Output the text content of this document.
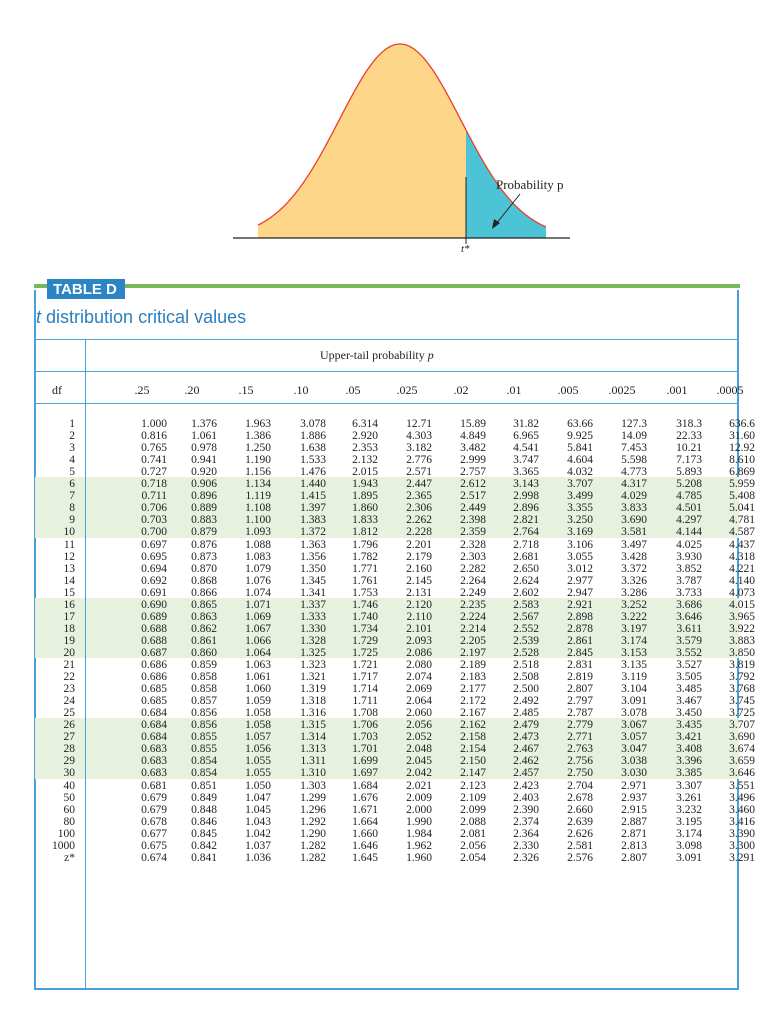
Probability p
t*
TABLE D
t distribution critical values
Upper-tail probability p
df	.25	.20	.15	.10	.05	.025	.02	.01	.005	.0025	.001	.0005
1	1.000	1.376	1.963	3.078	6.314	12.71	15.89	31.82	63.66	127.3	318.3	636.6
2	0.816	1.061	1.386	1.886	2.920	4.303	4.849	6.965	9.925	14.09	22.33	31.60
3	0.765	0.978	1.250	1.638	2.353	3.182	3.482	4.541	5.841	7.453	10.21	12.92
4	0.741	0.941	1.190	1.533	2.132	2.776	2.999	3.747	4.604	5.598	7.173	8.610
5	0.727	0.920	1.156	1.476	2.015	2.571	2.757	3.365	4.032	4.773	5.893	6.869
6	0.718	0.906	1.134	1.440	1.943	2.447	2.612	3.143	3.707	4.317	5.208	5.959
7	0.711	0.896	1.119	1.415	1.895	2.365	2.517	2.998	3.499	4.029	4.785	5.408
8	0.706	0.889	1.108	1.397	1.860	2.306	2.449	2.896	3.355	3.833	4.501	5.041
9	0.703	0.883	1.100	1.383	1.833	2.262	2.398	2.821	3.250	3.690	4.297	4.781
10	0.700	0.879	1.093	1.372	1.812	2.228	2.359	2.764	3.169	3.581	4.144	4.587
11	0.697	0.876	1.088	1.363	1.796	2.201	2.328	2.718	3.106	3.497	4.025	4.437
12	0.695	0.873	1.083	1.356	1.782	2.179	2.303	2.681	3.055	3.428	3.930	4.318
13	0.694	0.870	1.079	1.350	1.771	2.160	2.282	2.650	3.012	3.372	3.852	4.221
14	0.692	0.868	1.076	1.345	1.761	2.145	2.264	2.624	2.977	3.326	3.787	4.140
15	0.691	0.866	1.074	1.341	1.753	2.131	2.249	2.602	2.947	3.286	3.733	4.073
16	0.690	0.865	1.071	1.337	1.746	2.120	2.235	2.583	2.921	3.252	3.686	4.015
17	0.689	0.863	1.069	1.333	1.740	2.110	2.224	2.567	2.898	3.222	3.646	3.965
18	0.688	0.862	1.067	1.330	1.734	2.101	2.214	2.552	2.878	3.197	3.611	3.922
19	0.688	0.861	1.066	1.328	1.729	2.093	2.205	2.539	2.861	3.174	3.579	3.883
20	0.687	0.860	1.064	1.325	1.725	2.086	2.197	2.528	2.845	3.153	3.552	3.850
21	0.686	0.859	1.063	1.323	1.721	2.080	2.189	2.518	2.831	3.135	3.527	3.819
22	0.686	0.858	1.061	1.321	1.717	2.074	2.183	2.508	2.819	3.119	3.505	3.792
23	0.685	0.858	1.060	1.319	1.714	2.069	2.177	2.500	2.807	3.104	3.485	3.768
24	0.685	0.857	1.059	1.318	1.711	2.064	2.172	2.492	2.797	3.091	3.467	3.745
25	0.684	0.856	1.058	1.316	1.708	2.060	2.167	2.485	2.787	3.078	3.450	3.725
26	0.684	0.856	1.058	1.315	1.706	2.056	2.162	2.479	2.779	3.067	3.435	3.707
27	0.684	0.855	1.057	1.314	1.703	2.052	2.158	2.473	2.771	3.057	3.421	3.690
28	0.683	0.855	1.056	1.313	1.701	2.048	2.154	2.467	2.763	3.047	3.408	3.674
29	0.683	0.854	1.055	1.311	1.699	2.045	2.150	2.462	2.756	3.038	3.396	3.659
30	0.683	0.854	1.055	1.310	1.697	2.042	2.147	2.457	2.750	3.030	3.385	3.646
40	0.681	0.851	1.050	1.303	1.684	2.021	2.123	2.423	2.704	2.971	3.307	3.551
50	0.679	0.849	1.047	1.299	1.676	2.009	2.109	2.403	2.678	2.937	3.261	3.496
60	0.679	0.848	1.045	1.296	1.671	2.000	2.099	2.390	2.660	2.915	3.232	3.460
80	0.678	0.846	1.043	1.292	1.664	1.990	2.088	2.374	2.639	2.887	3.195	3.416
100	0.677	0.845	1.042	1.290	1.660	1.984	2.081	2.364	2.626	2.871	3.174	3.390
1000	0.675	0.842	1.037	1.282	1.646	1.962	2.056	2.330	2.581	2.813	3.098	3.300
z*	0.674	0.841	1.036	1.282	1.645	1.960	2.054	2.326	2.576	2.807	3.091	3.291
